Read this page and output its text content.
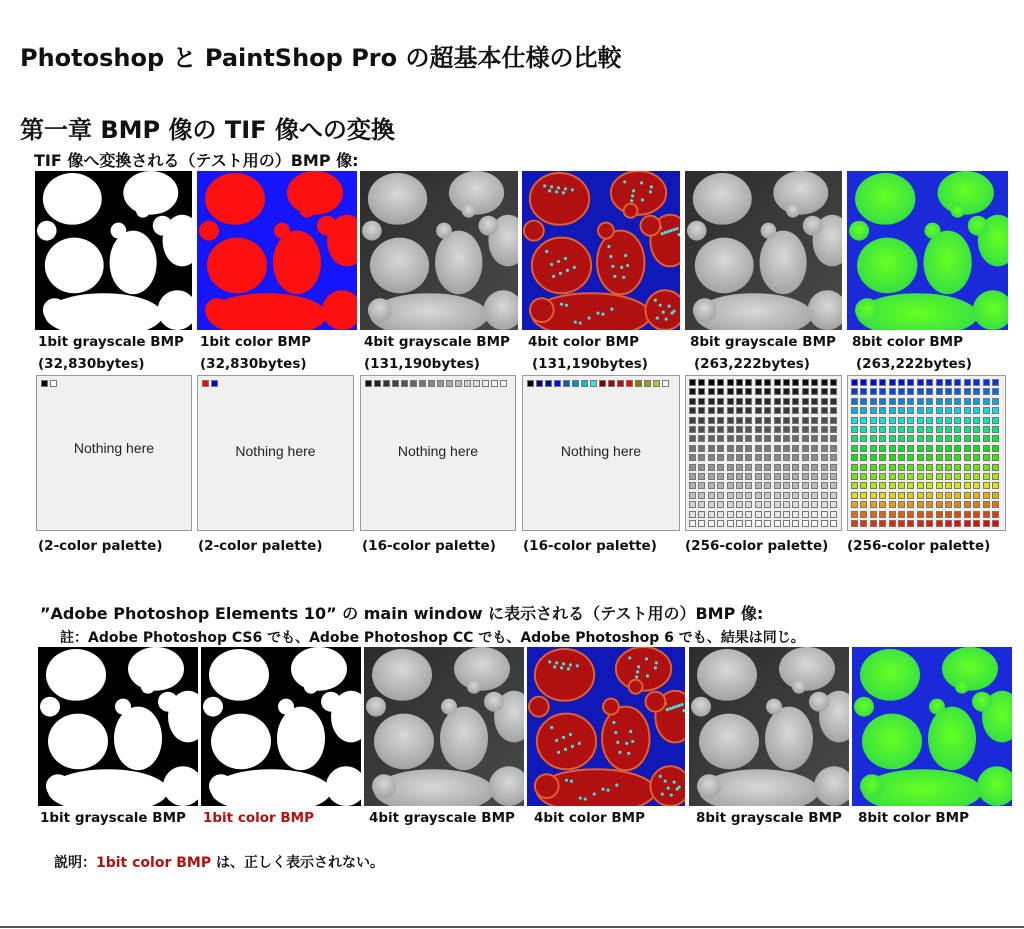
Photoshop と PaintShop Pro の超基本仕様の比較
第一章 BMP 像の TIF 像への変換
TIF 像へ変換される（テスト用の）BMP 像:
1bit grayscale BMP
(32,830bytes)
1bit color BMP
(32,830bytes)
4bit grayscale BMP
(131,190bytes)
4bit color BMP
(131,190bytes)
8bit grayscale BMP
(263,222bytes)
8bit color BMP
(263,222bytes)
Nothing here	Nothing here	Nothing here	Nothing here
(2-color palette)	(2-color palette)	(16-color palette) (16-color palette) (256-color palette) (256-color palette)
”Adobe Photoshop Elements 10” の main window に表示される（テスト用の）BMP 像:
註：Adobe Photoshop CS6 でも、Adobe Photoshop CC でも、Adobe Photoshop 6 でも、結果は同じ。
1bit grayscale BMP 1bit color BMP	4bit grayscale BMP 4bit color BMP	8bit grayscale BMP 8bit color BMP
説明：1bit color BMP は、正しく表示されない。
